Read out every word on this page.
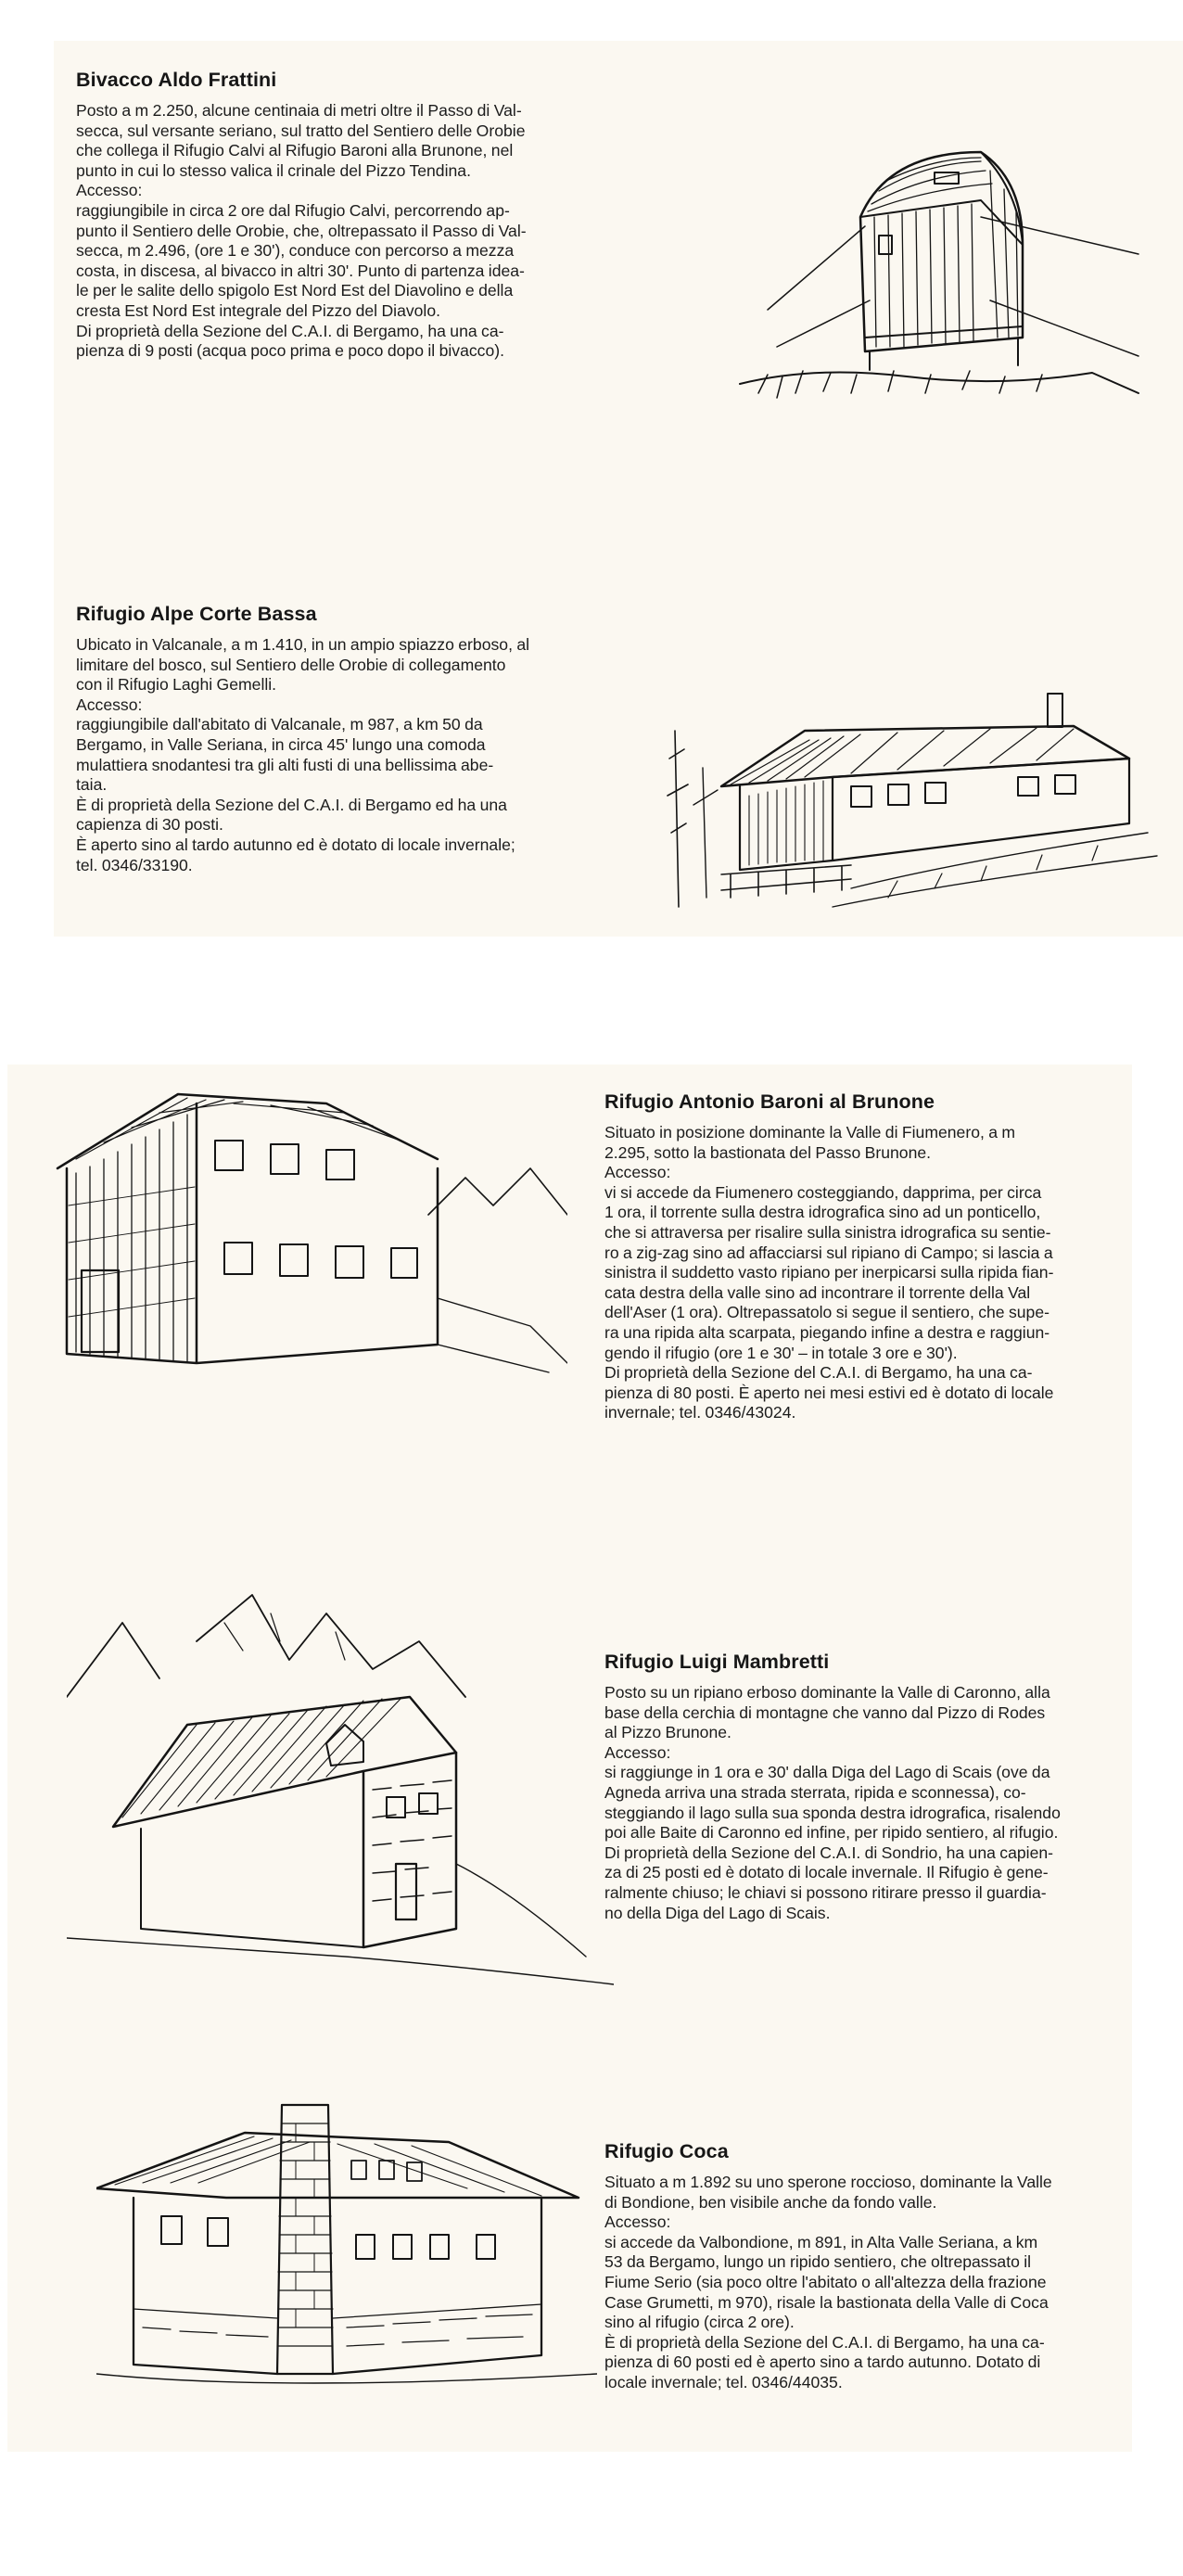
Bivacco Aldo Frattini

Posto a m 2.250, alcune centinaia di metri oltre il Passo di Val-

secca, sul versante seriano, sul tratto del Sentiero delle Orobie

che collega il Rifugio Calvi al Rifugio Baroni alla Brunone, nel

punto in cui lo stesso valica il crinale del Pizzo Tendina.

Accesso:

raggiungibile in circa 2 ore dal Rifugio Calvi, percorrendo ap-

punto il Sentiero delle Orobie, che, oltrepassato il Passo di Val-

secca, m 2.496, (ore 1 e 30'), conduce con percorso a mezza

costa, in discesa, al bivacco in altri 30'. Punto di partenza idea-

le per le salite dello spigolo Est Nord Est del Diavolino e della

cresta Est Nord Est integrale del Pizzo del Diavolo.

Di proprietà della Sezione del C.A.I. di Bergamo, ha una ca-

pienza di 9 posti (acqua poco prima e poco dopo il bivacco).

Rifugio Alpe Corte Bassa

Ubicato in Valcanale, a m 1.410, in un ampio spiazzo erboso, al

limitare del bosco, sul Sentiero delle Orobie di collegamento

con il Rifugio Laghi Gemelli.

Accesso:

raggiungibile dall'abitato di Valcanale, m 987, a km 50 da

Bergamo, in Valle Seriana, in circa 45' lungo una comoda

mulattiera snodantesi tra gli alti fusti di una bellissima abe-

taia.

È di proprietà della Sezione del C.A.I. di Bergamo ed ha una

capienza di 30 posti.

È aperto sino al tardo autunno ed è dotato di locale invernale;

tel. 0346/33190.

Rifugio Antonio Baroni al Brunone

Situato in posizione dominante la Valle di Fiumenero, a m

2.295, sotto la bastionata del Passo Brunone.

Accesso:

vi si accede da Fiumenero costeggiando, dapprima, per circa

1 ora, il torrente sulla destra idrografica sino ad un ponticello,

che si attraversa per risalire sulla sinistra idrografica su sentie-

ro a zig-zag sino ad affacciarsi sul ripiano di Campo; si lascia a

sinistra il suddetto vasto ripiano per inerpicarsi sulla ripida fian-

cata destra della valle sino ad incontrare il torrente della Val

dell'Aser (1 ora). Oltrepassatolo si segue il sentiero, che supe-

ra una ripida alta scarpata, piegando infine a destra e raggiun-

gendo il rifugio (ore 1 e 30' – in totale 3 ore e 30').

Di proprietà della Sezione del C.A.I. di Bergamo, ha una ca-

pienza di 80 posti. È aperto nei mesi estivi ed è dotato di locale

invernale; tel. 0346/43024.

Rifugio Luigi Mambretti

Posto su un ripiano erboso dominante la Valle di Caronno, alla

base della cerchia di montagne che vanno dal Pizzo di Rodes

al Pizzo Brunone.

Accesso:

si raggiunge in 1 ora e 30' dalla Diga del Lago di Scais (ove da

Agneda arriva una strada sterrata, ripida e sconnessa), co-

steggiando il lago sulla sua sponda destra idrografica, risalendo

poi alle Baite di Caronno ed infine, per ripido sentiero, al rifugio.

Di proprietà della Sezione del C.A.I. di Sondrio, ha una capien-

za di 25 posti ed è dotato di locale invernale. Il Rifugio è gene-

ralmente chiuso; le chiavi si possono ritirare presso il guardia-

no della Diga del Lago di Scais.

Rifugio Coca

Situato a m 1.892 su uno sperone roccioso, dominante la Valle

di Bondione, ben visibile anche da fondo valle.

Accesso:

si accede da Valbondione, m 891, in Alta Valle Seriana, a km

53 da Bergamo, lungo un ripido sentiero, che oltrepassato il

Fiume Serio (sia poco oltre l'abitato o all'altezza della frazione

Case Grumetti, m 970), risale la bastionata della Valle di Coca

sino al rifugio (circa 2 ore).

È di proprietà della Sezione del C.A.I. di Bergamo, ha una ca-

pienza di 60 posti ed è aperto sino a tardo autunno. Dotato di

locale invernale; tel. 0346/44035.
